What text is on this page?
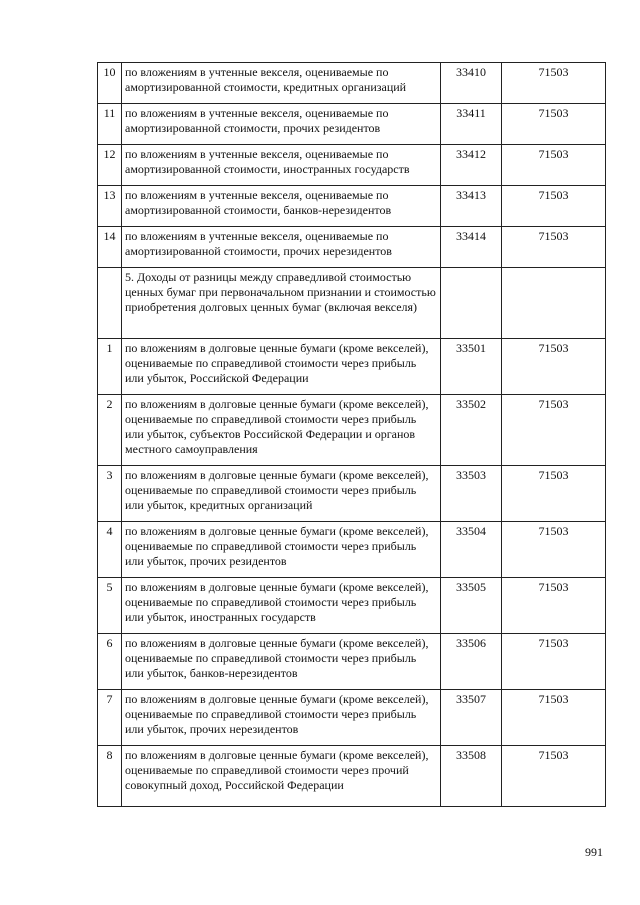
10	по вложениям в учтенные векселя, оцениваемые по амортизированной стоимости, кредитных организаций	33410	71503
11	по вложениям в учтенные векселя, оцениваемые по амортизированной стоимости, прочих резидентов	33411	71503
12	по вложениям в учтенные векселя, оцениваемые по амортизированной стоимости, иностранных государств	33412	71503
13	по вложениям в учтенные векселя, оцениваемые по амортизированной стоимости, банков-нерезидентов	33413	71503
14	по вложениям в учтенные векселя, оцениваемые по амортизированной стоимости, прочих нерезидентов	33414	71503
	5. Доходы от разницы между справедливой стоимостью ценных бумаг при первоначальном признании и стоимостью приобретения долговых ценных бумаг (включая векселя)		
1	по вложениям в долговые ценные бумаги (кроме векселей), оцениваемые по справедливой стоимости через прибыль или убыток, Российской Федерации	33501	71503
2	по вложениям в долговые ценные бумаги (кроме векселей), оцениваемые по справедливой стоимости через прибыль или убыток, субъектов Российской Федерации и органов местного самоуправления	33502	71503
3	по вложениям в долговые ценные бумаги (кроме векселей), оцениваемые по справедливой стоимости через прибыль или убыток, кредитных организаций	33503	71503
4	по вложениям в долговые ценные бумаги (кроме векселей), оцениваемые по справедливой стоимости через прибыль или убыток, прочих резидентов	33504	71503
5	по вложениям в долговые ценные бумаги (кроме векселей), оцениваемые по справедливой стоимости через прибыль или убыток, иностранных государств	33505	71503
6	по вложениям в долговые ценные бумаги (кроме векселей), оцениваемые по справедливой стоимости через прибыль или убыток, банков-нерезидентов	33506	71503
7	по вложениям в долговые ценные бумаги (кроме векселей), оцениваемые по справедливой стоимости через прибыль или убыток, прочих нерезидентов	33507	71503
8	по вложениям в долговые ценные бумаги (кроме векселей), оцениваемые по справедливой стоимости через прочий совокупный доход, Российской Федерации	33508	71503
991
